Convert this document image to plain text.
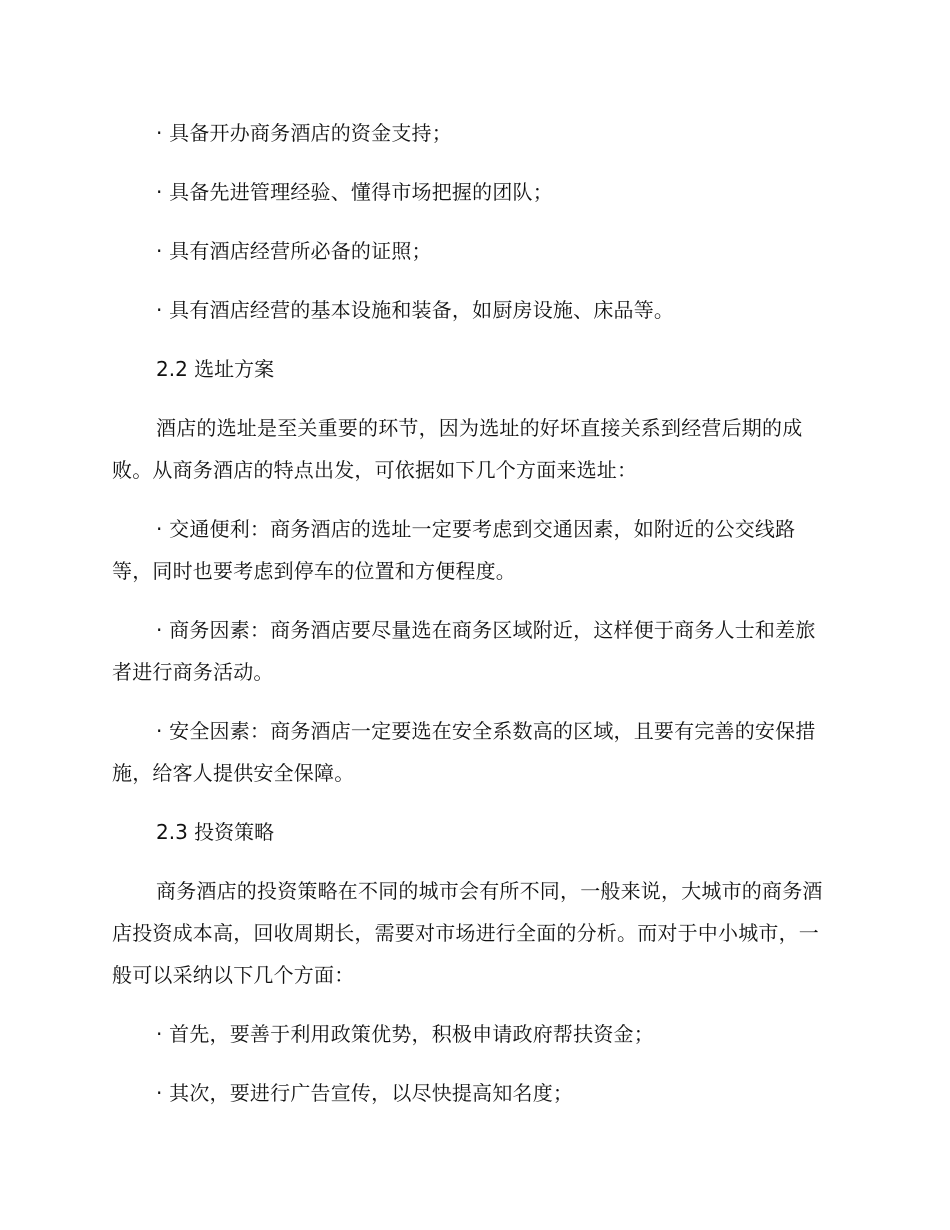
· 具备开办商务酒店的资金支持；

· 具备先进管理经验、懂得市场把握的团队；

· 具有酒店经营所必备的证照；

· 具有酒店经营的基本设施和装备，如厨房设施、床品等。

2.2 选址方案

酒店的选址是至关重要的环节，因为选址的好坏直接关系到经营后期的成败。从商务酒店的特点出发，可依据如下几个方面来选址：

· 交通便利：商务酒店的选址一定要考虑到交通因素，如附近的公交线路等，同时也要考虑到停车的位置和方便程度。

· 商务因素：商务酒店要尽量选在商务区域附近，这样便于商务人士和差旅者进行商务活动。

· 安全因素：商务酒店一定要选在安全系数高的区域，且要有完善的安保措施，给客人提供安全保障。

2.3 投资策略

商务酒店的投资策略在不同的城市会有所不同，一般来说，大城市的商务酒店投资成本高，回收周期长，需要对市场进行全面的分析。而对于中小城市，一般可以采纳以下几个方面：

· 首先，要善于利用政策优势，积极申请政府帮扶资金；

· 其次，要进行广告宣传，以尽快提高知名度；
